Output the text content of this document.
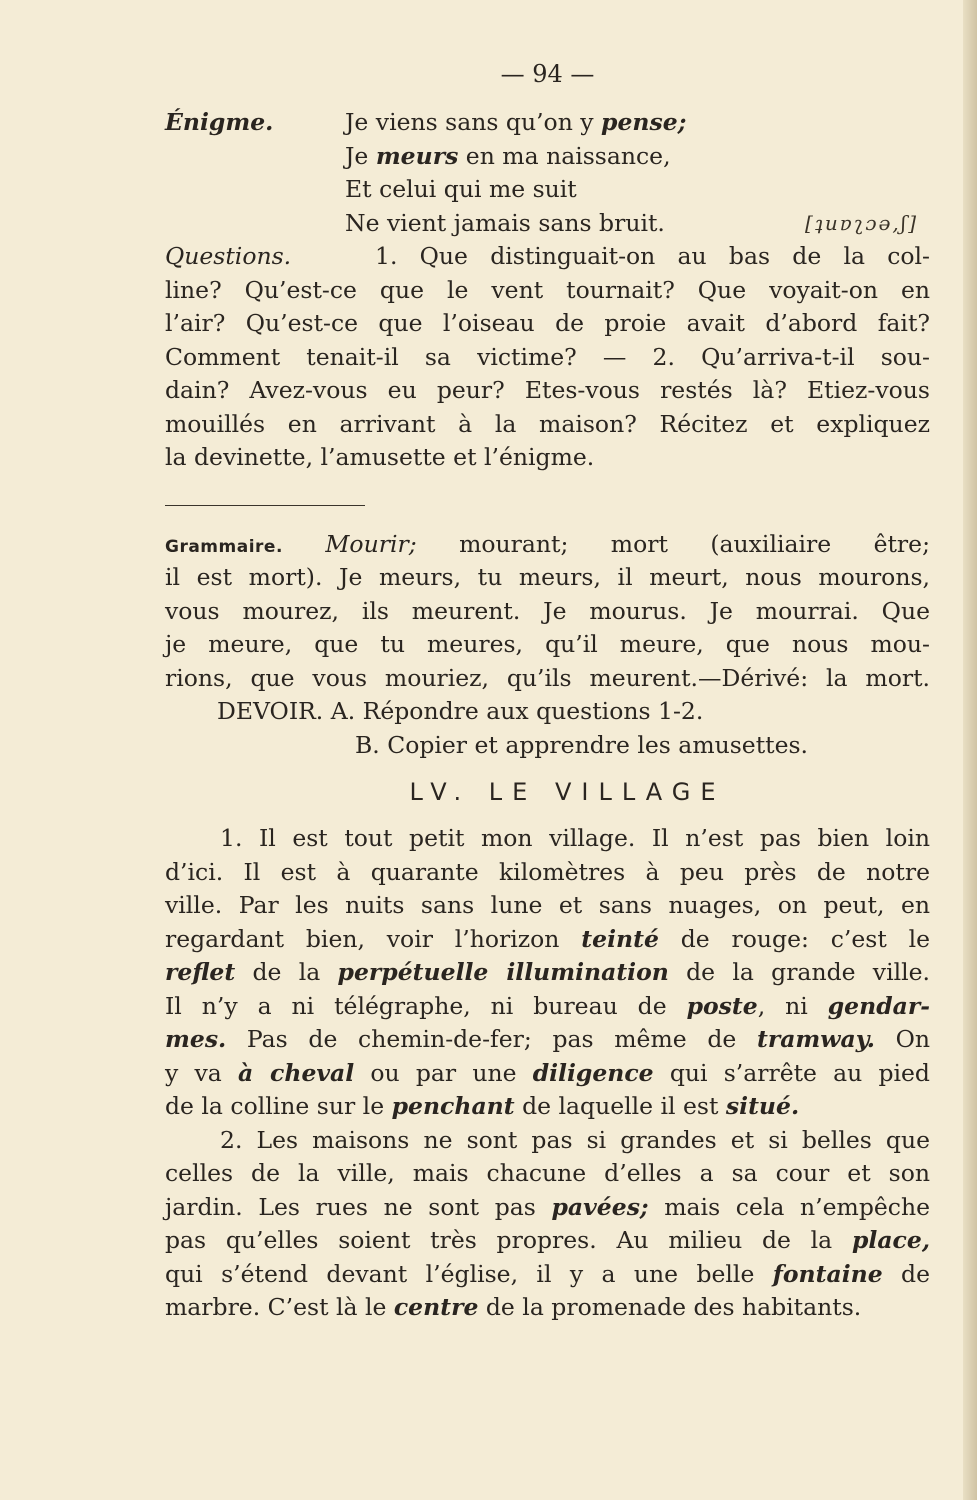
— 94 —
Énigme.	Je viens sans qu’on y pense;
Je meurs en ma naissance,
Et celui qui me suit
Ne vient jamais sans bruit.	[ʇuɐʅɔǝ,ʃ]
Questions.	1. Que distinguait-on au bas de la col-
line? Qu’est-ce que le vent tournait? Que voyait-on en
l’air? Qu’est-ce que l’oiseau de proie avait d’abord fait?
Comment tenait-il sa victime? — 2. Qu’arriva-t-il sou-
dain? Avez-vous eu peur? Etes-vous restés là? Etiez-vous
mouillés en arrivant à la maison? Récitez et expliquez
la devinette, l’amusette et l’énigme.
Grammaire. Mourir; mourant; mort (auxiliaire être;
il est mort). Je meurs, tu meurs, il meurt, nous mourons,
vous mourez, ils meurent. Je mourus. Je mourrai. Que
je meure, que tu meures, qu’il meure, que nous mou-
rions, que vous mouriez, qu’ils meurent.—Dérivé: la mort.
DEVOIR. A. Répondre aux questions 1-2.
B. Copier et apprendre les amusettes.
LV. LE VILLAGE
1. Il est tout petit mon village. Il n’est pas bien loin
d’ici. Il est à quarante kilomètres à peu près de notre
ville. Par les nuits sans lune et sans nuages, on peut, en
regardant bien, voir l’horizon teinté de rouge: c’est le
reflet de la perpétuelle illumination de la grande ville.
Il n’y a ni télégraphe, ni bureau de poste, ni gendar-
mes. Pas de chemin-de-fer; pas même de tramway. On
y va à cheval ou par une diligence qui s’arrête au pied
de la colline sur le penchant de laquelle il est situé.
2. Les maisons ne sont pas si grandes et si belles que
celles de la ville, mais chacune d’elles a sa cour et son
jardin. Les rues ne sont pas pavées; mais cela n’empêche
pas qu’elles soient très propres. Au milieu de la place,
qui s’étend devant l’église, il y a une belle fontaine de
marbre. C’est là le centre de la promenade des habitants.
